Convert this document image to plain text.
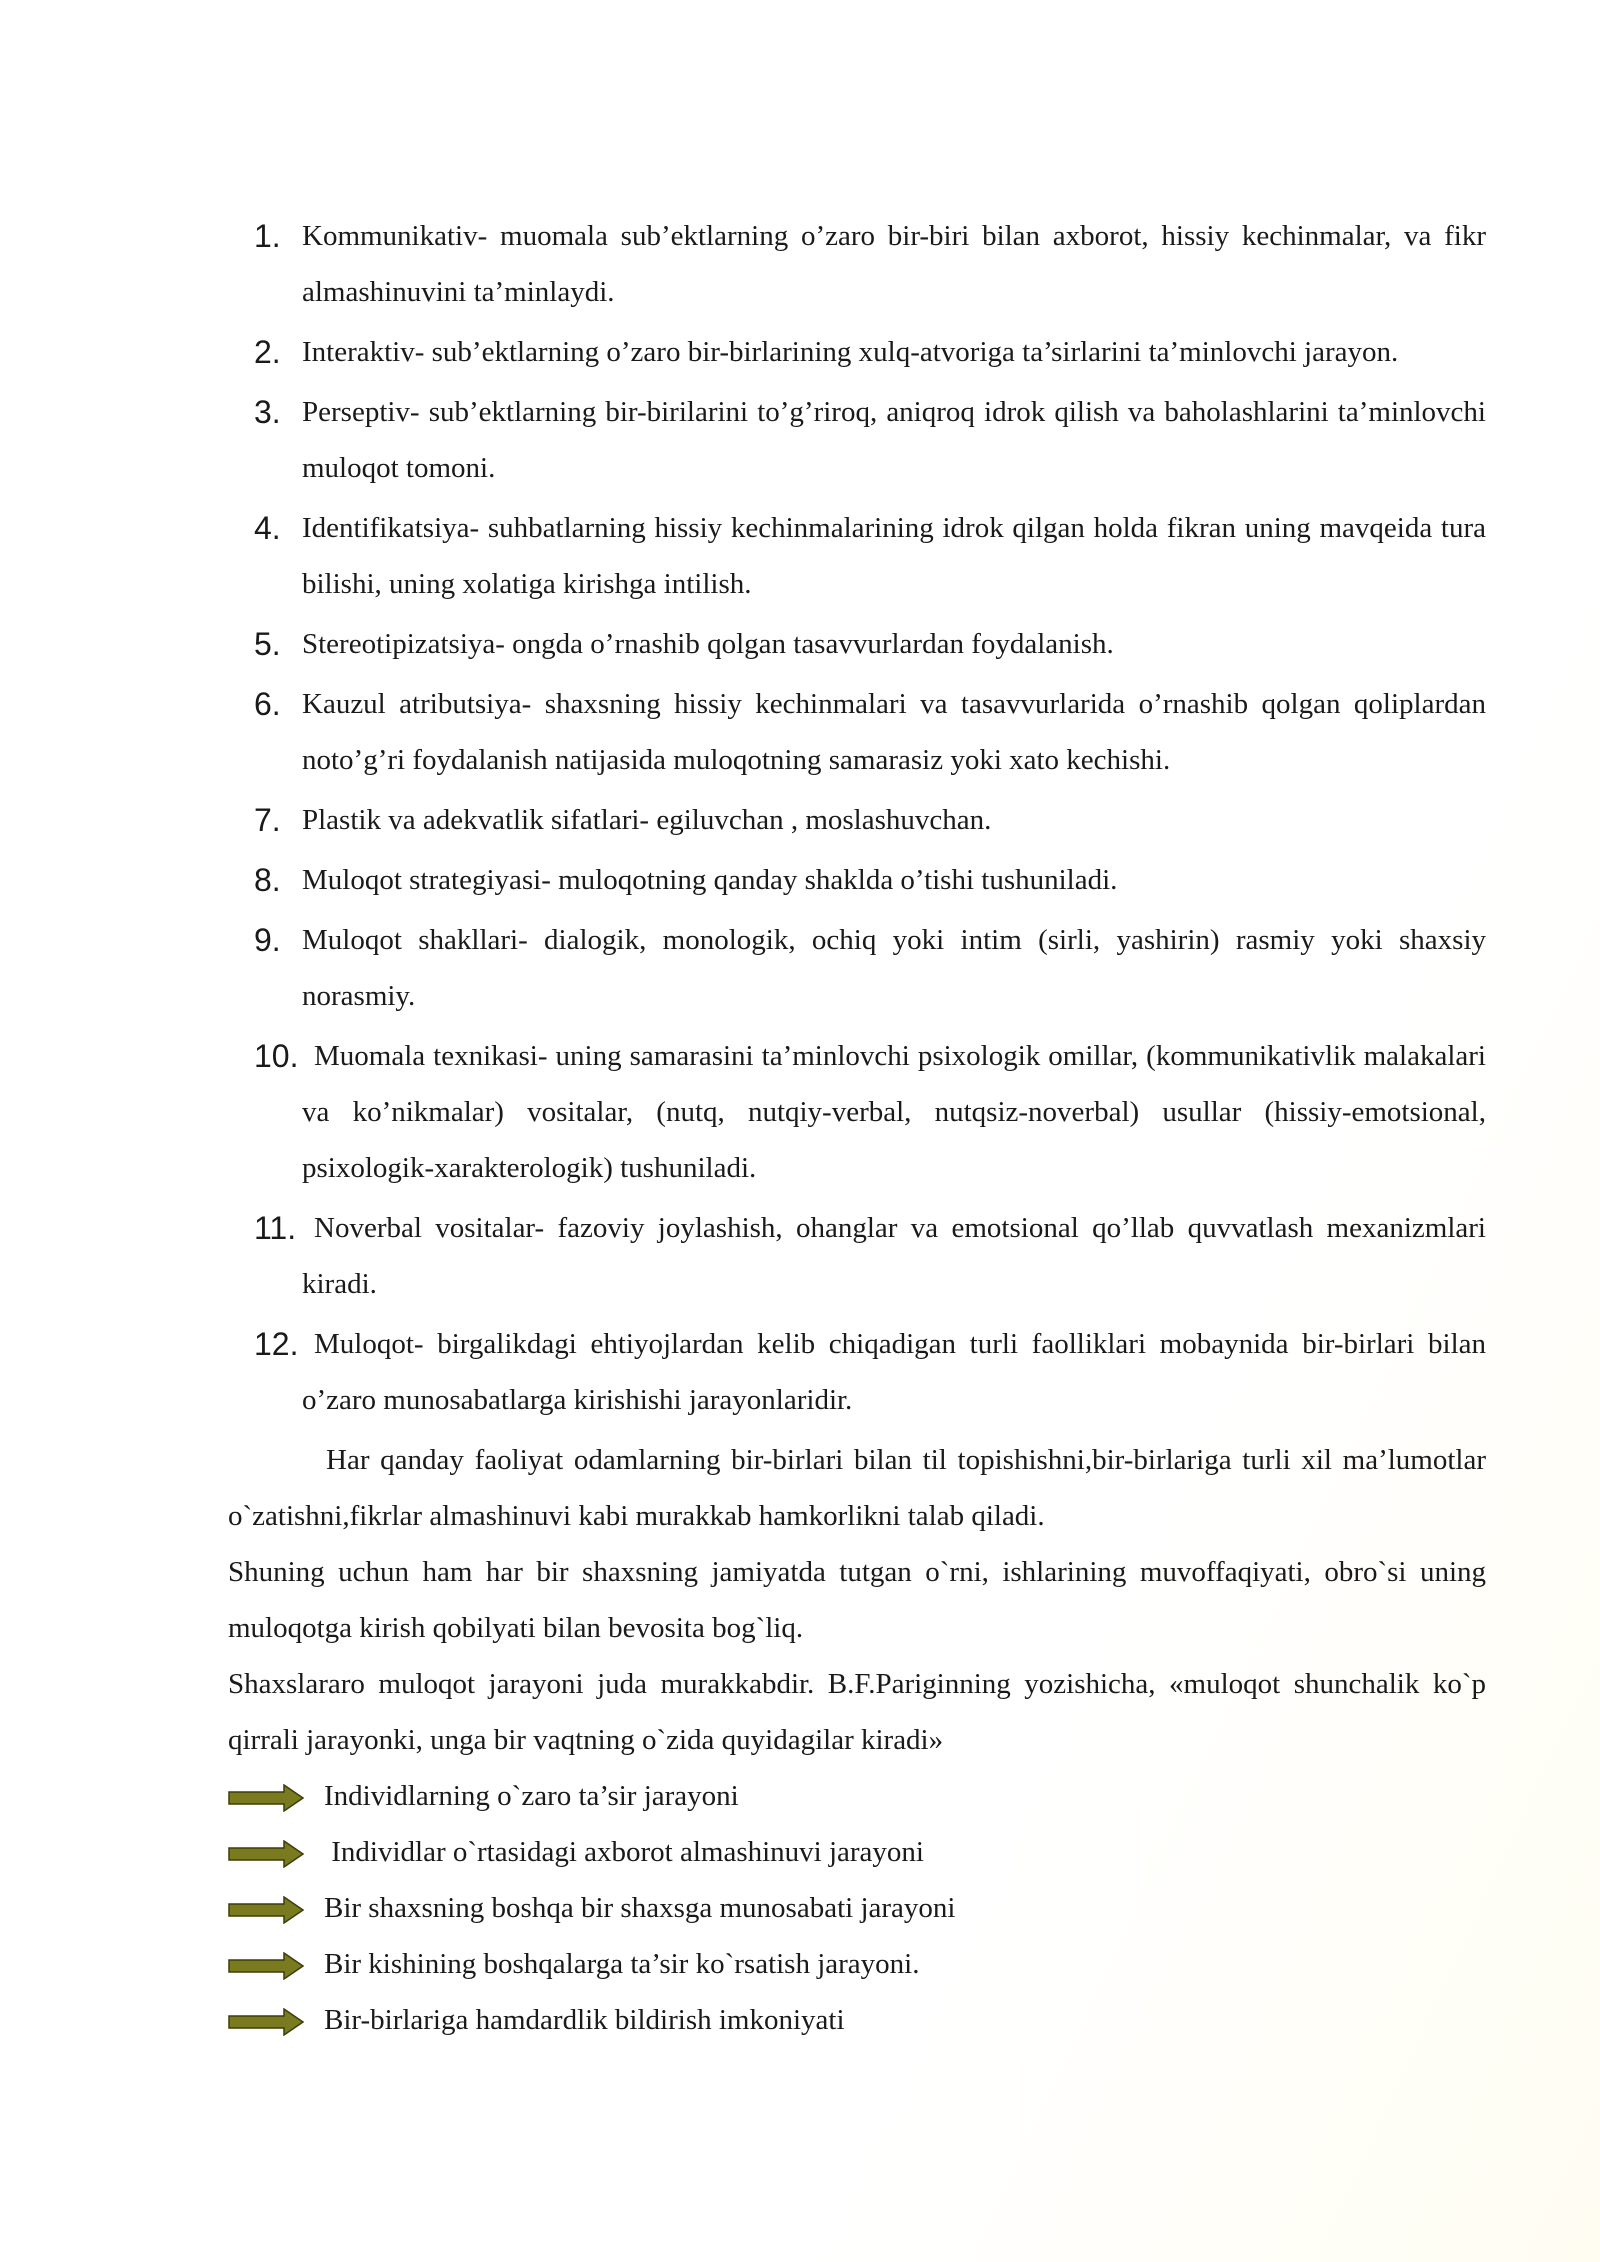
1. Kommunikativ- muomala sub’ektlarning o’zaro bir-biri bilan axborot, hissiy kechinmalar, va fikr almashinuvini ta’minlaydi.
2. Interaktiv- sub’ektlarning o’zaro bir-birlarining xulq-atvoriga ta’sirlarini ta’minlovchi jarayon.
3. Perseptiv- sub’ektlarning bir-birilarini to’g’riroq, aniqroq idrok qilish va baholashlarini ta’minlovchi muloqot tomoni.
4. Identifikatsiya- suhbatlarning hissiy kechinmalarining idrok qilgan holda fikran uning mavqeida tura bilishi, uning xolatiga kirishga intilish.
5. Stereotipizatsiya- ongda o’rnashib qolgan tasavvurlardan foydalanish.
6. Kauzul atributsiya- shaxsning hissiy kechinmalari va tasavvurlarida o’rnashib qolgan qoliplardan noto’g’ri foydalanish natijasida muloqotning samarasiz yoki xato kechishi.
7. Plastik va adekvatlik sifatlari- egiluvchan , moslashuvchan.
8. Muloqot strategiyasi- muloqotning qanday shaklda o’tishi tushuniladi.
9. Muloqot shakllari- dialogik, monologik, ochiq yoki intim (sirli, yashirin) rasmiy yoki shaxsiy norasmiy.
10. Muomala texnikasi- uning samarasini ta’minlovchi psixologik omillar, (kommunikativlik malakalari va ko’nikmalar) vositalar, (nutq, nutqiy-verbal, nutqsiz-noverbal) usullar (hissiy-emotsional, psixologik-xarakterologik) tushuniladi.
11. Noverbal vositalar- fazoviy joylashish, ohanglar va emotsional qo’llab quvvatlash mexanizmlari kiradi.
12. Muloqot- birgalikdagi ehtiyojlardan kelib chiqadigan turli faolliklari mobaynida bir-birlari bilan o’zaro munosabatlarga kirishishi jarayonlaridir.

Har qanday faoliyat odamlarning bir-birlari bilan til topishishni,bir-birlariga turli xil ma’lumotlar o`zatishni,fikrlar almashinuvi kabi murakkab hamkorlikni talab qiladi.

Shuning uchun ham har bir shaxsning jamiyatda tutgan o`rni, ishlarining muvoffaqiyati, obro`si uning muloqotga kirish qobilyati bilan bevosita bog`liq.

Shaxslararo muloqot jarayoni juda murakkabdir. B.F.Pariginning yozishicha, «muloqot shunchalik ko`p qirrali jarayonki, unga bir vaqtning o`zida quyidagilar kiradi»

Individlarning o`zaro ta’sir jarayoni
Individlar o`rtasidagi axborot almashinuvi jarayoni
Bir shaxsning boshqa bir shaxsga munosabati jarayoni
Bir kishining boshqalarga ta’sir ko`rsatish jarayoni.
Bir-birlariga hamdardlik bildirish imkoniyati
